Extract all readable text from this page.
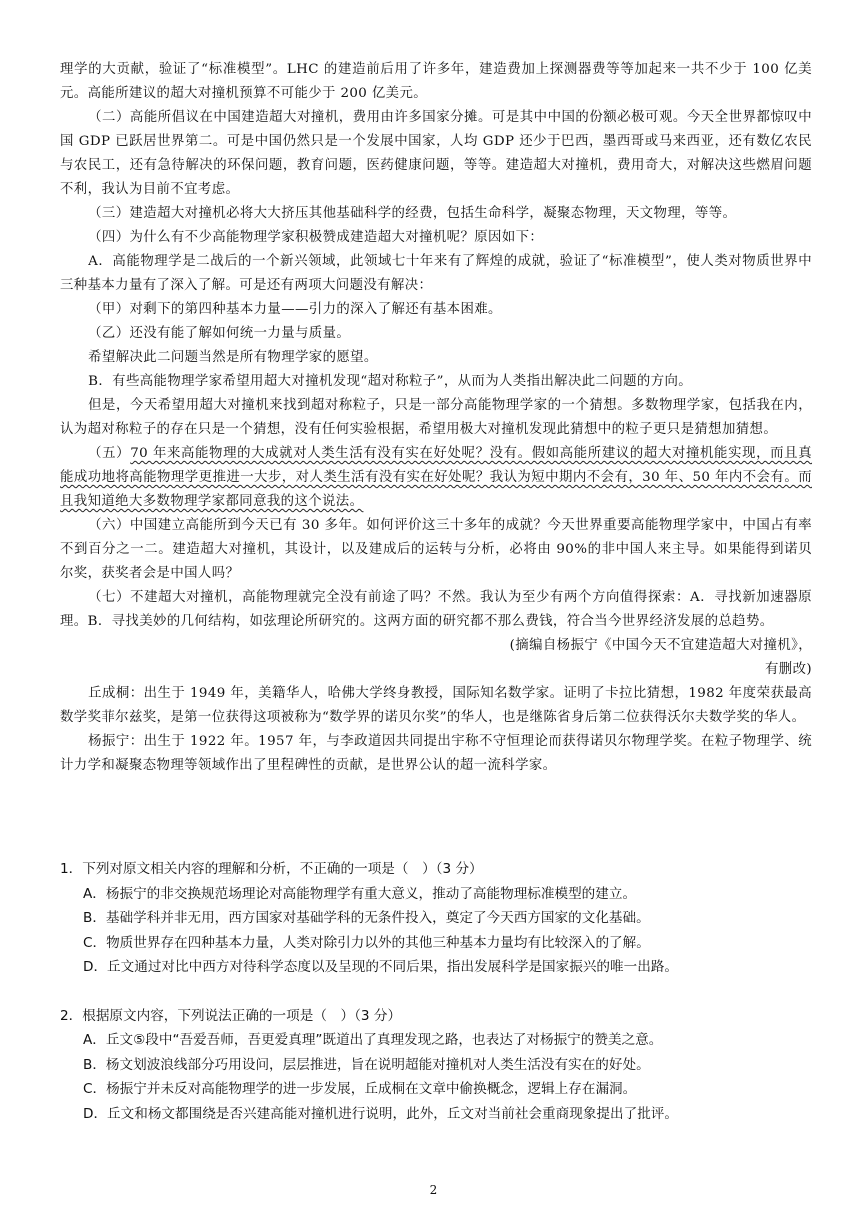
理学的大贡献，验证了“标准模型”。LHC 的建造前后用了许多年，建造费加上探测器费等等加起来一共不少于 100 亿美元。高能所建议的超大对撞机预算不可能少于 200 亿美元。

（二）高能所倡议在中国建造超大对撞机，费用由许多国家分摊。可是其中中国的份额必极可观。今天全世界都惊叹中国 GDP 已跃居世界第二。可是中国仍然只是一个发展中国家，人均 GDP 还少于巴西，墨西哥或马来西亚，还有数亿农民与农民工，还有急待解决的环保问题，教育问题，医药健康问题，等等。建造超大对撞机，费用奇大，对解决这些燃眉问题不利，我认为目前不宜考虑。

（三）建造超大对撞机必将大大挤压其他基础科学的经费，包括生命科学，凝聚态物理，天文物理，等等。

（四）为什么有不少高能物理学家积极赞成建造超大对撞机呢？原因如下：

A．高能物理学是二战后的一个新兴领域，此领域七十年来有了辉煌的成就，验证了“标准模型”，使人类对物质世界中三种基本力量有了深入了解。可是还有两项大问题没有解决：

（甲）对剩下的第四种基本力量——引力的深入了解还有基本困难。

（乙）还没有能了解如何统一力量与质量。

希望解决此二问题当然是所有物理学家的愿望。

B．有些高能物理学家希望用超大对撞机发现“超对称粒子”，从而为人类指出解决此二问题的方向。

但是，今天希望用超大对撞机来找到超对称粒子，只是一部分高能物理学家的一个猜想。多数物理学家，包括我在内，认为超对称粒子的存在只是一个猜想，没有任何实验根据，希望用极大对撞机发现此猜想中的粒子更只是猜想加猜想。

（五）70 年来高能物理的大成就对人类生活有没有实在好处呢？没有。假如高能所建议的超大对撞机能实现，而且真能成功地将高能物理学更推进一大步，对人类生活有没有实在好处呢？我认为短中期内不会有，30 年、50 年内不会有。而且我知道绝大多数物理学家都同意我的这个说法。

（六）中国建立高能所到今天已有 30 多年。如何评价这三十多年的成就？今天世界重要高能物理学家中，中国占有率不到百分之一二。建造超大对撞机，其设计，以及建成后的运转与分析，必将由 90%的非中国人来主导。如果能得到诺贝尔奖，获奖者会是中国人吗？

（七）不建超大对撞机，高能物理就完全没有前途了吗？不然。我认为至少有两个方向值得探索：A．寻找新加速器原理。B．寻找美妙的几何结构，如弦理论所研究的。这两方面的研究都不那么费钱，符合当今世界经济发展的总趋势。

(摘编自杨振宁《中国今天不宜建造超大对撞机》，

有删改)

丘成桐：出生于 1949 年，美籍华人，哈佛大学终身教授，国际知名数学家。证明了卡拉比猜想，1982 年度荣获最高数学奖菲尔兹奖，是第一位获得这项被称为“数学界的诺贝尔奖”的华人，也是继陈省身后第二位获得沃尔夫数学奖的华人。

杨振宁：出生于 1922 年。1957 年，与李政道因共同提出宇称不守恒理论而获得诺贝尔物理学奖。在粒子物理学、统计力学和凝聚态物理等领域作出了里程碑性的贡献，是世界公认的超一流科学家。

1．下列对原文相关内容的理解和分析，不正确的一项是（　）（3 分）

A．杨振宁的非交换规范场理论对高能物理学有重大意义，推动了高能物理标准模型的建立。

B．基础学科并非无用，西方国家对基础学科的无条件投入，奠定了今天西方国家的文化基础。

C．物质世界存在四种基本力量，人类对除引力以外的其他三种基本力量均有比较深入的了解。

D．丘文通过对比中西方对待科学态度以及呈现的不同后果，指出发展科学是国家振兴的唯一出路。

2．根据原文内容，下列说法正确的一项是（　）（3 分）

A．丘文⑤段中“吾爱吾师，吾更爱真理”既道出了真理发现之路，也表达了对杨振宁的赞美之意。

B．杨文划波浪线部分巧用设问，层层推进，旨在说明超能对撞机对人类生活没有实在的好处。

C．杨振宁并未反对高能物理学的进一步发展，丘成桐在文章中偷换概念，逻辑上存在漏洞。

D．丘文和杨文都围绕是否兴建高能对撞机进行说明，此外，丘文对当前社会重商现象提出了批评。

2
